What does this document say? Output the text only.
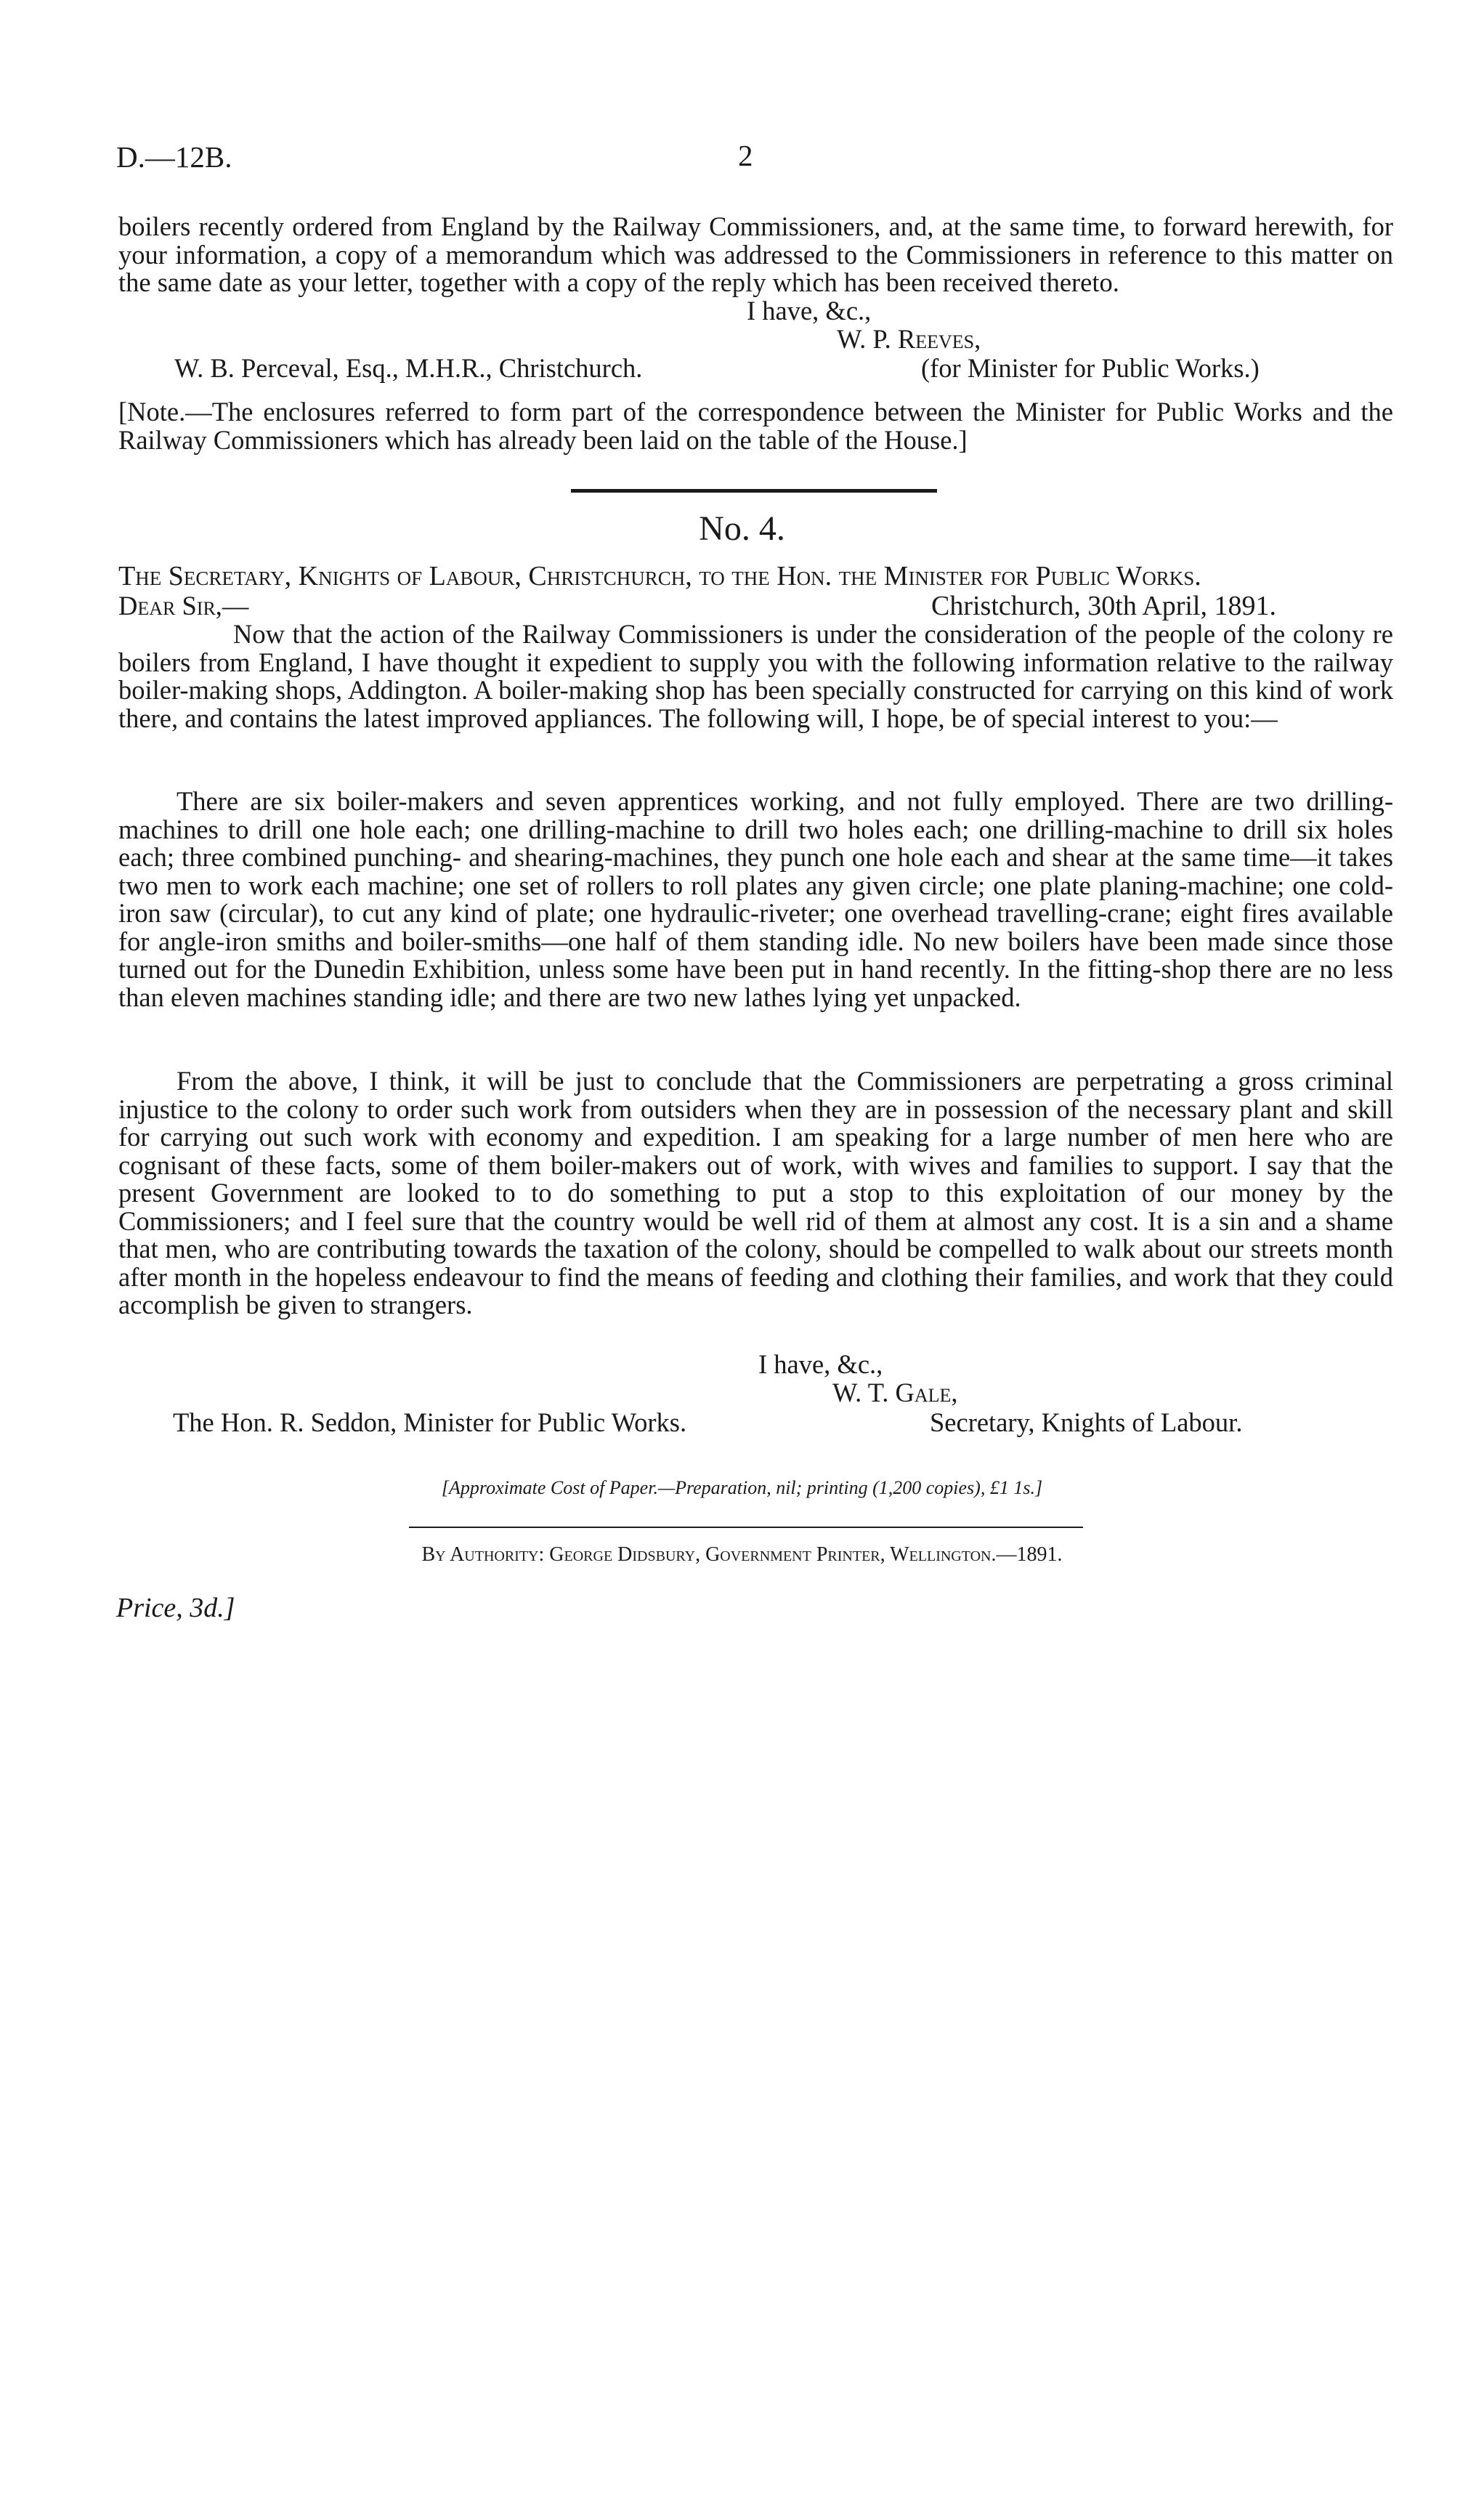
D.—12B.	2
boilers recently ordered from England by the Railway Commissioners, and, at the same time, to forward herewith, for your information, a copy of a memorandum which was addressed to the Commissioners in reference to this matter on the same date as your letter, together with a copy of the reply which has been received thereto.
I have, &c.,
W. P. Reeves,
W. B. Perceval, Esq., M.H.R., Christchurch.	(for Minister for Public Works.)
[Note.—The enclosures referred to form part of the correspondence between the Minister for Public Works and the Railway Commissioners which has already been laid on the table of the House.]
No. 4.
The Secretary, Knights of Labour, Christchurch, to the Hon. the Minister for Public Works.
Dear Sir,—	Christchurch, 30th April, 1891.
Now that the action of the Railway Commissioners is under the consideration of the people of the colony re boilers from England, I have thought it expedient to supply you with the following information relative to the railway boiler-making shops, Addington. A boiler-making shop has been specially constructed for carrying on this kind of work there, and contains the latest improved appliances. The following will, I hope, be of special interest to you:—
There are six boiler-makers and seven apprentices working, and not fully employed. There are two drilling-machines to drill one hole each; one drilling-machine to drill two holes each; one drilling-machine to drill six holes each; three combined punching- and shearing-machines, they punch one hole each and shear at the same time—it takes two men to work each machine; one set of rollers to roll plates any given circle; one plate planing-machine; one cold-iron saw (circular), to cut any kind of plate; one hydraulic-riveter; one overhead travelling-crane; eight fires available for angle-iron smiths and boiler-smiths—one half of them standing idle. No new boilers have been made since those turned out for the Dunedin Exhibition, unless some have been put in hand recently. In the fitting-shop there are no less than eleven machines standing idle; and there are two new lathes lying yet unpacked.
From the above, I think, it will be just to conclude that the Commissioners are perpetrating a gross criminal injustice to the colony to order such work from outsiders when they are in possession of the necessary plant and skill for carrying out such work with economy and expedition. I am speaking for a large number of men here who are cognisant of these facts, some of them boiler-makers out of work, with wives and families to support. I say that the present Government are looked to to do something to put a stop to this exploitation of our money by the Commissioners; and I feel sure that the country would be well rid of them at almost any cost. It is a sin and a shame that men, who are contributing towards the taxation of the colony, should be compelled to walk about our streets month after month in the hopeless endeavour to find the means of feeding and clothing their families, and work that they could accomplish be given to strangers.
I have, &c.,
W. T. Gale,
The Hon. R. Seddon, Minister for Public Works.	Secretary, Knights of Labour.
[Approximate Cost of Paper.—Preparation, nil; printing (1,200 copies), £1 1s.]
By Authority: George Didsbury, Government Printer, Wellington.—1891.
Price, 3d.]
